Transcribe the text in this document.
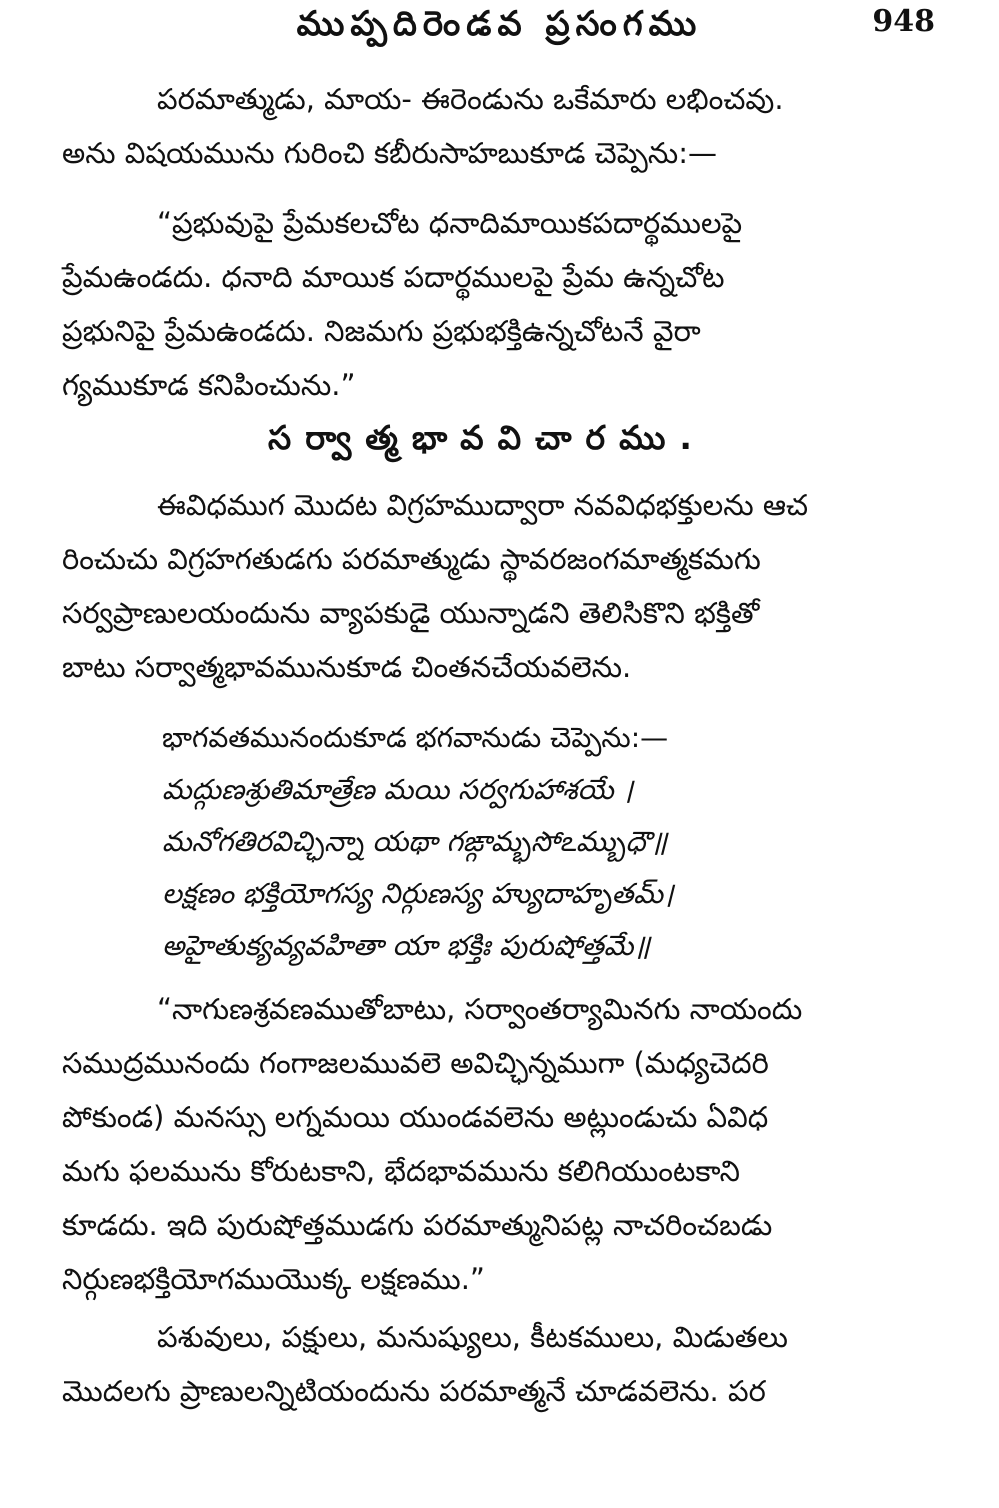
ముప్పదిరెండవ ప్రసంగము	948

పరమాత్ముడు, మాయ- ఈరెండును ఒకేమారు లభించవు.

అను విషయమును గురించి కబీరుసాహబుకూడ చెప్పెను:—

“ప్రభువుపై ప్రేమకలచోట ధనాదిమాయికపదార్థములపై

ప్రేమఉండదు. ధనాది మాయిక పదార్థములపై ప్రేమ ఉన్నచోట

ప్రభునిపై ప్రేమఉండదు. నిజమగు ప్రభుభక్తిఉన్నచోటనే వైరా

గ్యముకూడ కనిపించును.”

సర్వాత్మభావవిచారము.

ఈవిధముగ మొదట విగ్రహముద్వారా నవవిధభక్తులను ఆచ

రించుచు విగ్రహగతుడగు పరమాత్ముడు స్థావరజంగమాత్మకమగు

సర్వప్రాణులయందును వ్యాపకుడై యున్నాడని తెలిసికొని భక్తితో

బాటు సర్వాత్మభావమునుకూడ చింతనచేయవలెను.

భాగవతమునందుకూడ భగవానుడు చెప్పెను:—

మద్గుణశ్రుతిమాత్రేణ మయి సర్వగుహాశయే ।

మనోగతిరవిచ్ఛిన్నా యథా గఙ్గామ్భసోఽమ్బుధౌ॥

లక్షణం భక్తియోగస్య నిర్గుణస్య హ్యుదాహృతమ్।

అహైతుక్యవ్యవహితా యా భక్తిః పురుషోత్తమే॥

“నాగుణశ్రవణముతోబాటు, సర్వాంతర్యామినగు నాయందు

సముద్రమునందు గంగాజలమువలె అవిచ్ఛిన్నముగా (మధ్యచెదరి

పోకుండ) మనస్సు లగ్నమయి యుండవలెను అట్లుండుచు ఏవిధ

మగు ఫలమును కోరుటకాని, భేదభావమును కలిగియుంటకాని

కూడదు. ఇది పురుషోత్తముడగు పరమాత్మునిపట్ల నాచరించబడు

నిర్గుణభక్తియోగముయొక్క లక్షణము.”

పశువులు, పక్షులు, మనుష్యులు, కీటకములు, మిడుతలు

మొదలగు ప్రాణులన్నిటియందును పరమాత్మనే చూడవలెను. పర
